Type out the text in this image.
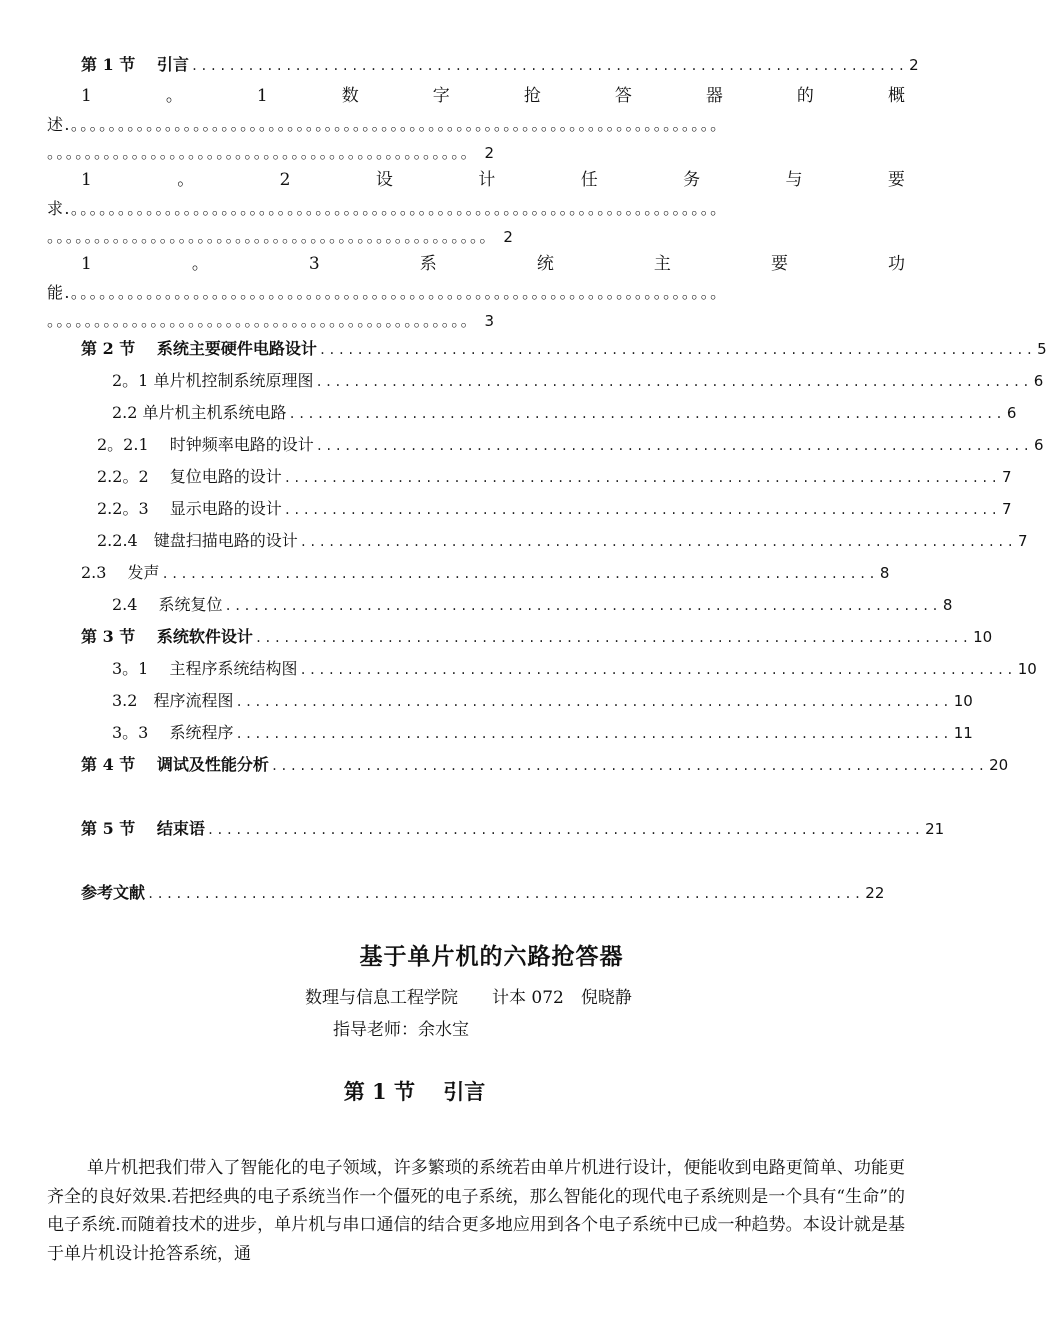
第 1 节　 引言 ............................................................................ 2
1	。	1	数	字	抢	答	器	的	概
述.。。。。。。。。。。。。。。。。。。。。。。。。。。。。。。。。。。。。。。。。。。。。。。。。。。。。。。。。。。。。。。。。。。。。。
。。。。。。。。。。。。。。。。。。。。。。。。。。。。。。。。。。。。。。。。。。。。。 2
1	。	2	设	计	任	务	与	要
求.。。。。。。。。。。。。。。。。。。。。。。。。。。。。。。。。。。。。。。。。。。。。。。。。。。。。。。。。。。。。。。。。。。。。。
。。。。。。。。。。。。。。。。。。。。。。。。。。。。。。。。。。。。。。。。。。。。。。。 2
1	。	3	系	统	主	要	功
能.。。。。。。。。。。。。。。。。。。。。。。。。。。。。。。。。。。。。。。。。。。。。。。。。。。。。。。。。。。。。。。。。。。。。。
。。。。。。。。。。。。。。。。。。。。。。。。。。。。。。。。。。。。。。。。。。。。。 3
第 2 节　 系统主要硬件电路设计 ............................................................................ 5
2。1 单片机控制系统原理图 ............................................................................ 6
2.2 单片机主机系统电路 ............................................................................ 6
2。2.1　 时钟频率电路的设计 ............................................................................ 6
2.2。2　 复位电路的设计 ............................................................................ 7
2.2。3　 显示电路的设计 ............................................................................ 7
2.2.4　键盘扫描电路的设计 ............................................................................ 7
2.3　 发声 ............................................................................ 8
2.4　 系统复位 ............................................................................ 8
第 3 节　 系统软件设计 ............................................................................ 10
3。1　 主程序系统结构图 ............................................................................ 10
3.2　程序流程图 ............................................................................ 10
3。3　 系统程序 ............................................................................ 11
第 4 节　 调试及性能分析 ............................................................................ 20
第 5 节　 结束语 ............................................................................ 21
参考文献 ............................................................................ 22
基于单片机的六路抢答器
数理与信息工程学院　　计本 072　倪晓静
指导老师：余水宝
第 1 节　 引言
单片机把我们带入了智能化的电子领域，许多繁琐的系统若由单片机进行设计，便能收到电路更简单、功能更齐全的良好效果.若把经典的电子系统当作一个僵死的电子系统，那么智能化的现代电子系统则是一个具有“生命”的电子系统.而随着技术的进步，单片机与串口通信的结合更多地应用到各个电子系统中已成一种趋势。本设计就是基于单片机设计抢答系统，通
